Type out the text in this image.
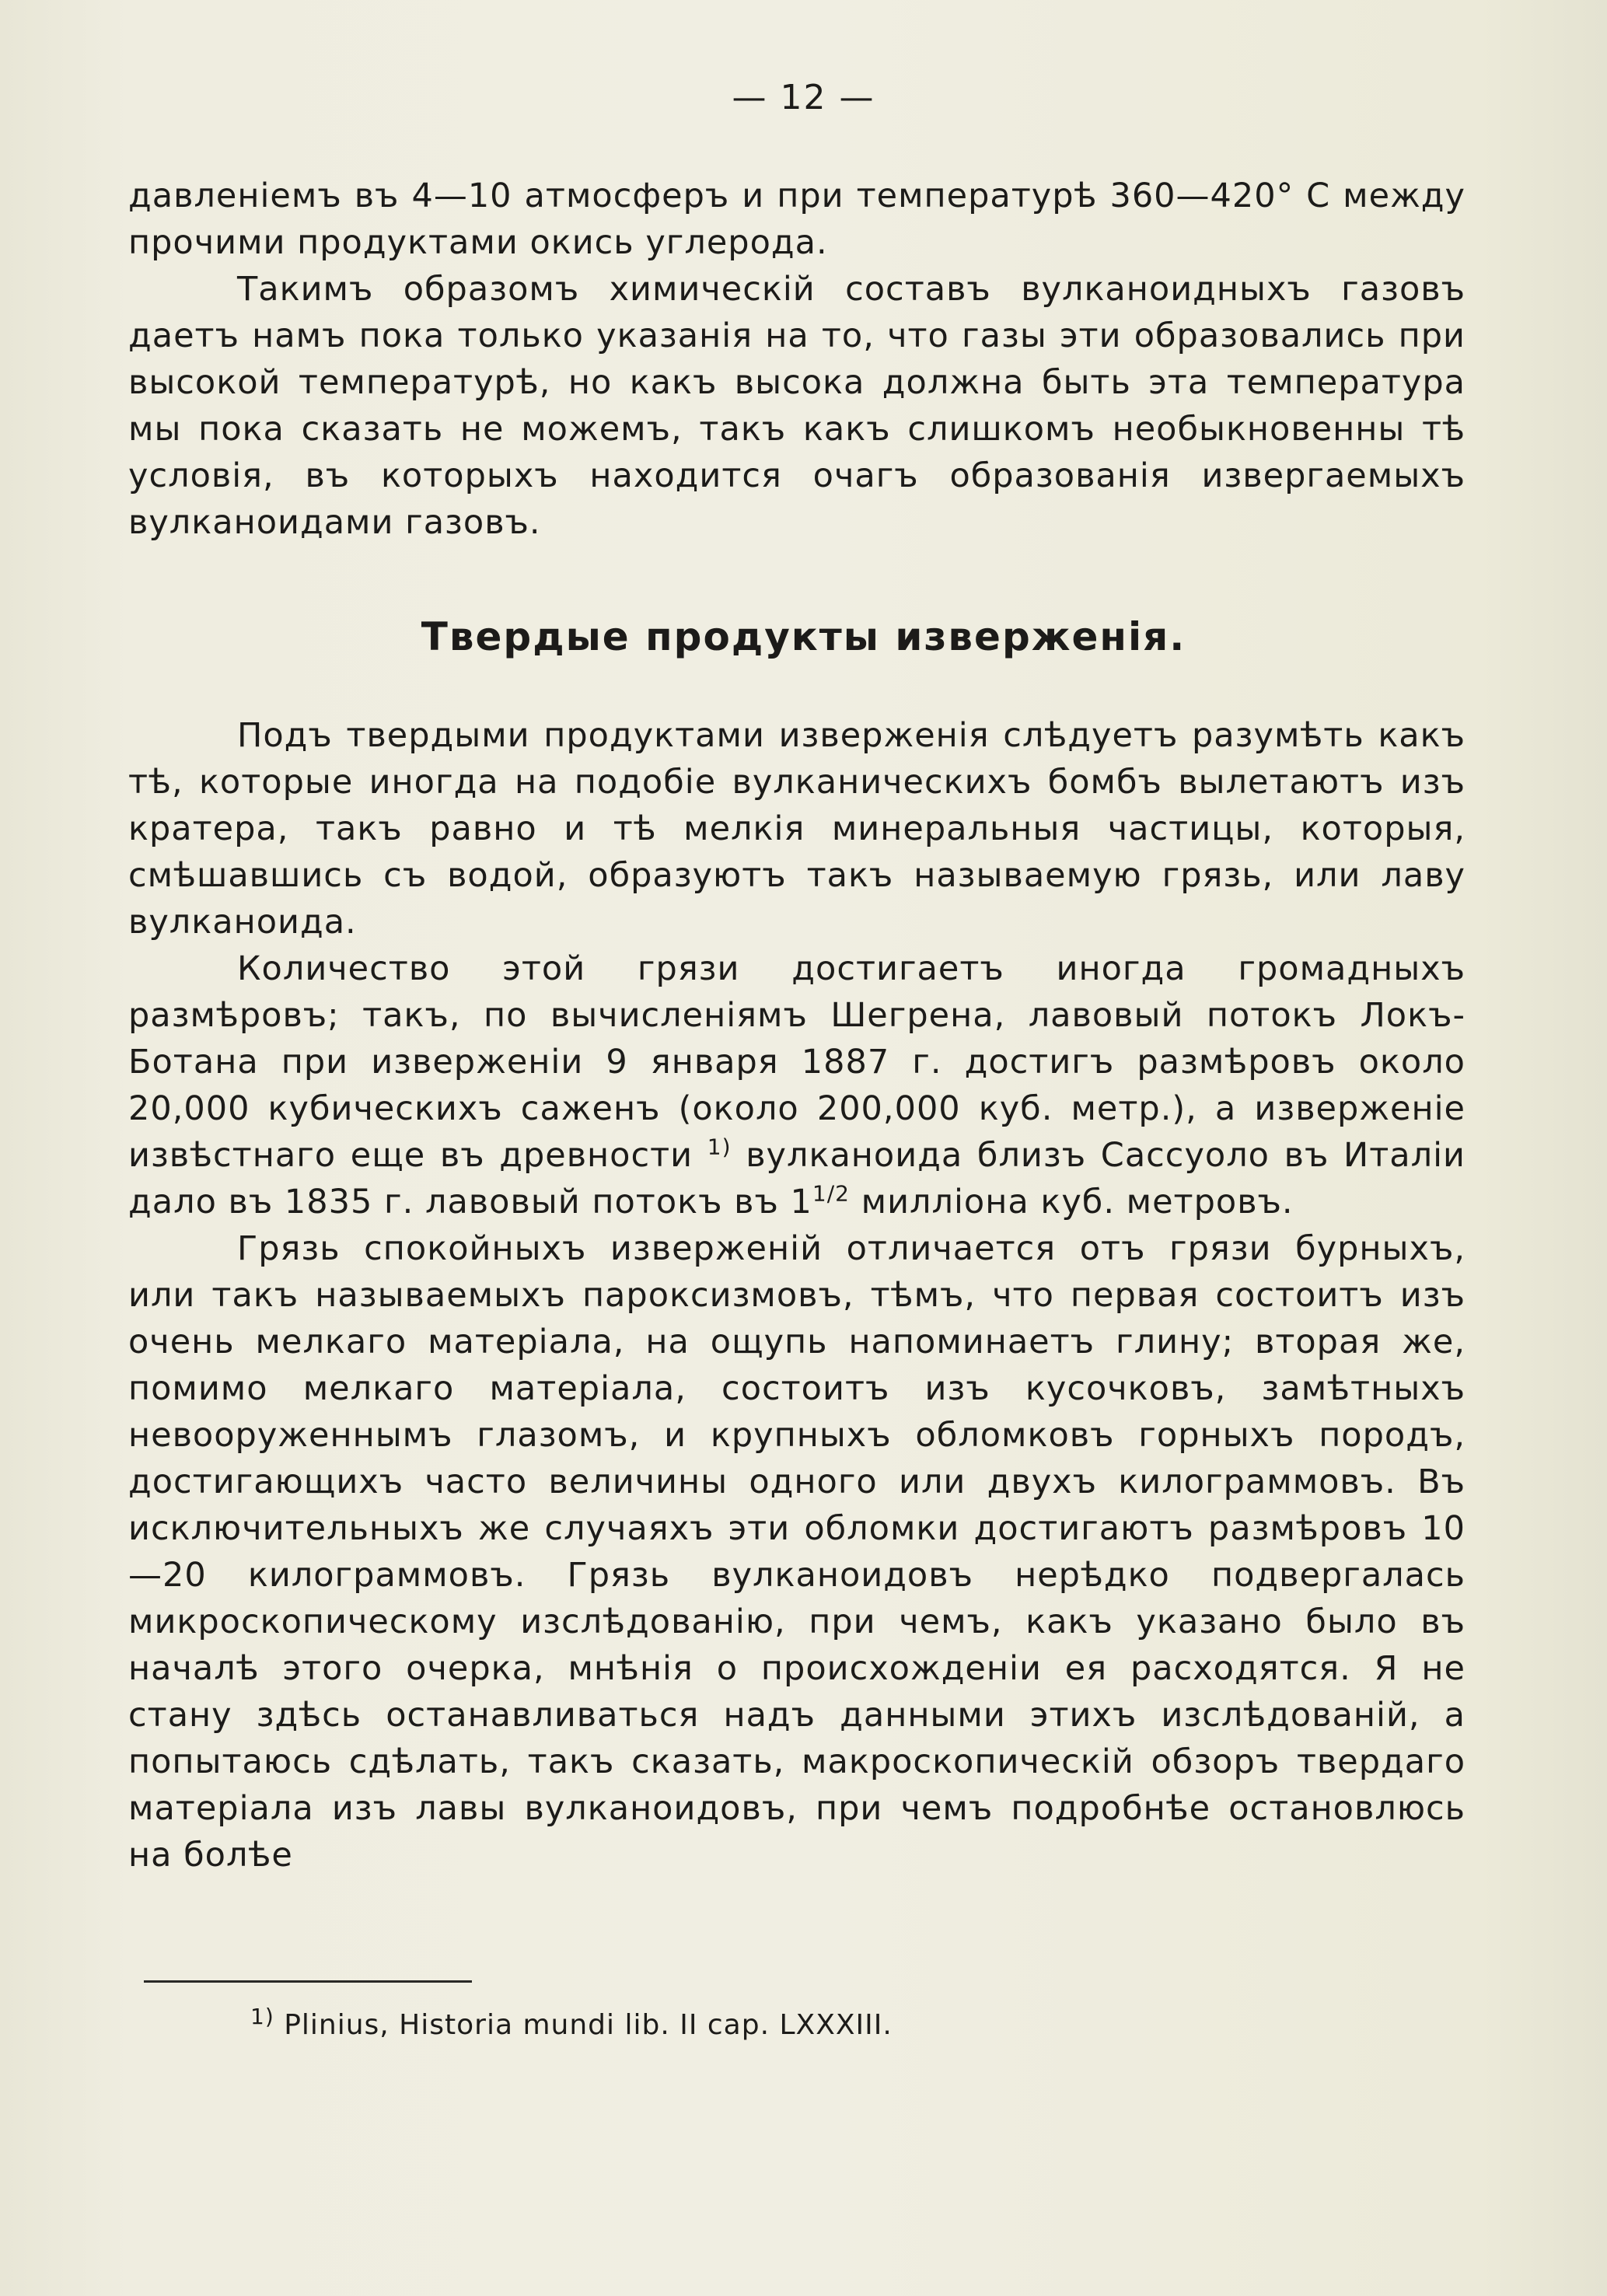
— 12 —

давленіемъ въ 4—10 атмосферъ и при температурѣ 360—420° C между прочими продуктами окись углерода.

Такимъ образомъ химическій составъ вулканоидныхъ газовъ даетъ намъ пока только указанія на то, что газы эти образовались при высокой температурѣ, но какъ высока должна быть эта температура мы пока сказать не можемъ, такъ какъ слишкомъ необыкновенны тѣ условія, въ которыхъ находится очагъ образованія извергаемыхъ вулканоидами газовъ.

Твердые продукты изверженія.

Подъ твердыми продуктами изверженія слѣдуетъ разумѣть какъ тѣ, которые иногда на подобіе вулканическихъ бомбъ вылетаютъ изъ кратера, такъ равно и тѣ мелкія минеральныя частицы, которыя, смѣшавшись съ водой, образуютъ такъ называемую грязь, или лаву вулканоида.

Количество этой грязи достигаетъ иногда громадныхъ размѣровъ; такъ, по вычисленіямъ Шегрена, лавовый потокъ Локъ-Ботана при изверженіи 9 января 1887 г. достигъ размѣровъ около 20,000 кубическихъ саженъ (около 200,000 куб. метр.), а изверженіе извѣстнаго еще въ древности $^{1)}$ вулканоида близъ Сассуоло въ Италіи дало въ 1835 г. лавовый потокъ въ $1^{1/2}$ милліона куб. метровъ.

Грязь спокойныхъ изверженій отличается отъ грязи бурныхъ, или такъ называемыхъ пароксизмовъ, тѣмъ, что первая состоитъ изъ очень мелкаго матеріала, на ощупь напоминаетъ глину; вторая же, помимо мелкаго матеріала, состоитъ изъ кусочковъ, замѣтныхъ невооруженнымъ глазомъ, и крупныхъ обломковъ горныхъ породъ, достигающихъ часто величины одного или двухъ килограммовъ. Въ исключительныхъ же случаяхъ эти обломки достигаютъ размѣровъ 10—20 килограммовъ. Грязь вулканоидовъ нерѣдко подвергалась микроскопическому изслѣдованію, при чемъ, какъ указано было въ началѣ этого очерка, мнѣнія о происхожденіи ея расходятся. Я не стану здѣсь останавливаться надъ данными этихъ изслѣдованій, а попытаюсь сдѣлать, такъ сказать, макроскопическій обзоръ твердаго матеріала изъ лавы вулканоидовъ, при чемъ подробнѣе остановлюсь на болѣе

$^{1)}$ Plinius, Historia mundi lib. II cap. LXXXIII.
